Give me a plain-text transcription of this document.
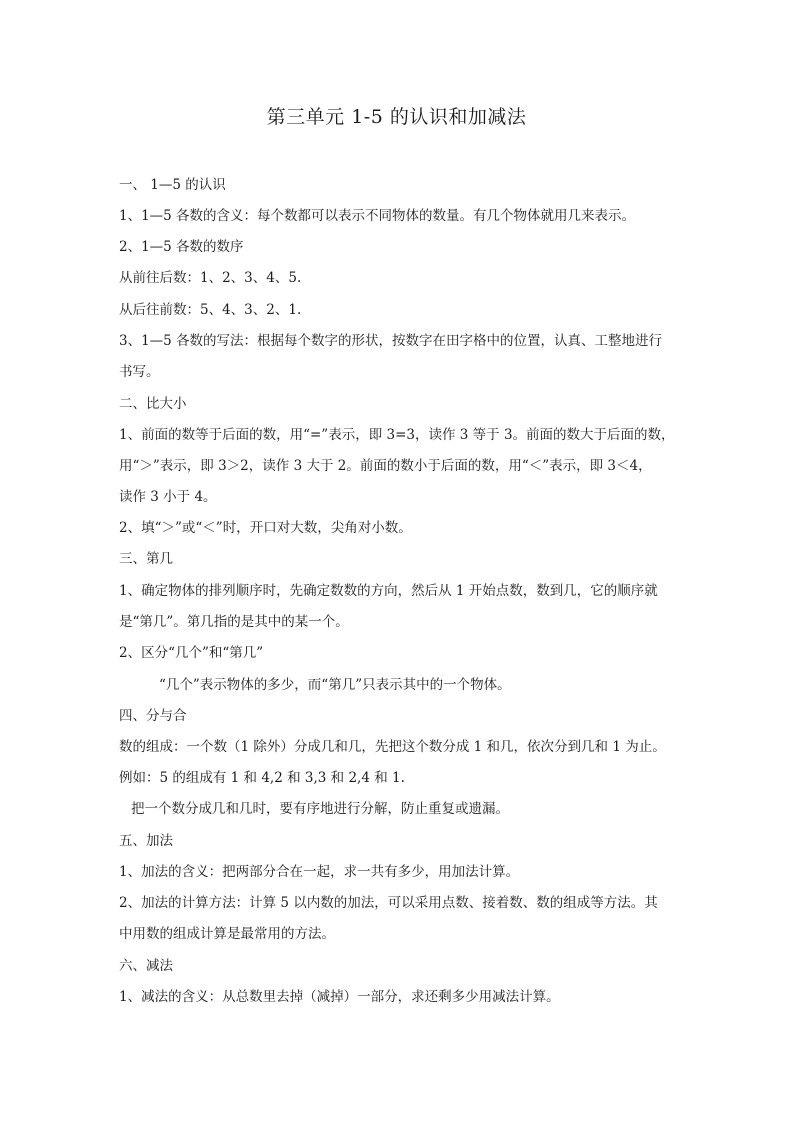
第三单元 1-5 的认识和加减法
一、 1—5 的认识
1、1—5 各数的含义：每个数都可以表示不同物体的数量。有几个物体就用几来表示。
2、1—5 各数的数序
从前往后数：1、2、3、4、5.
从后往前数：5、4、3、2、1.
3、1—5 各数的写法：根据每个数字的形状，按数字在田字格中的位置，认真、工整地进行
书写。
二、比大小
1、前面的数等于后面的数，用“=”表示，即 3=3，读作 3 等于 3。前面的数大于后面的数，
用“＞”表示，即 3＞2，读作 3 大于 2。前面的数小于后面的数，用“＜”表示，即 3＜4，
读作 3 小于 4。
2、填“＞”或“＜”时，开口对大数，尖角对小数。
三、第几
1、确定物体的排列顺序时，先确定数数的方向，然后从 1 开始点数，数到几，它的顺序就
是“第几”。第几指的是其中的某一个。
2、区分“几个”和“第几”
“几个”表示物体的多少，而“第几”只表示其中的一个物体。
四、分与合
数的组成：一个数（1 除外）分成几和几，先把这个数分成 1 和几，依次分到几和 1 为止。
例如：5 的组成有 1 和 4,2 和 3,3 和 2,4 和 1.
把一个数分成几和几时，要有序地进行分解，防止重复或遗漏。
五、加法
1、加法的含义：把两部分合在一起，求一共有多少，用加法计算。
2、加法的计算方法：计算 5 以内数的加法，可以采用点数、接着数、数的组成等方法。其
中用数的组成计算是最常用的方法。
六、减法
1、减法的含义：从总数里去掉（减掉）一部分，求还剩多少用减法计算。
